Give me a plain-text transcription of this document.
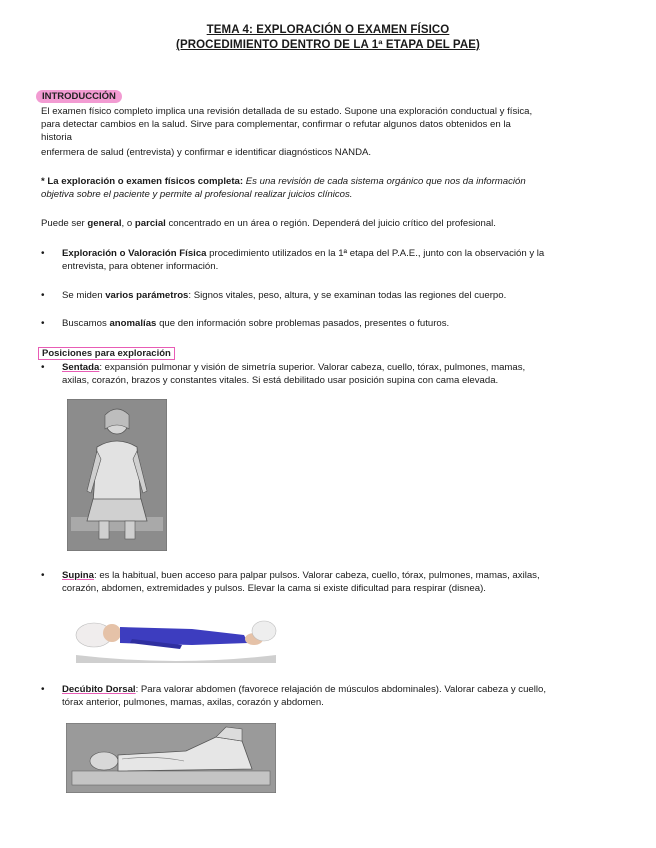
TEMA 4: EXPLORACIÓN O EXAMEN FÍSICO
(PROCEDIMIENTO DENTRO DE LA 1ª ETAPA DEL PAE)
INTRODUCCIÓN
El examen físico completo implica una revisión detallada de su estado. Supone una exploración conductual y física,
para detectar cambios en la salud. Sirve para complementar, confirmar o refutar algunos datos obtenidos en la
historia
enfermera de salud (entrevista) y confirmar e identificar diagnósticos NANDA.
* La exploración o examen físicos completa: Es una revisión de cada sistema orgánico que nos da información
objetiva sobre el paciente y permite al profesional realizar juicios clínicos.
Puede ser general, o parcial concentrado en un área o región. Dependerá del juicio crítico del profesional.
• Exploración o Valoración Física procedimiento utilizados en la 1ª etapa del P.A.E., junto con la observación y la
entrevista, para obtener información.
• Se miden varios parámetros: Signos vitales, peso, altura, y se examinan todas las regiones del cuerpo.
• Buscamos anomalías que den información sobre problemas pasados, presentes o futuros.
Posiciones para exploración
• Sentada: expansión pulmonar y visión de simetría superior. Valorar cabeza, cuello, tórax, pulmones, mamas,
axilas, corazón, brazos y constantes vitales. Si está debilitado usar posición supina con cama elevada.
• Supina: es la habitual, buen acceso para palpar pulsos. Valorar cabeza, cuello, tórax, pulmones, mamas, axilas,
corazón, abdomen, extremidades y pulsos. Elevar la cama si existe dificultad para respirar (disnea).
• Decúbito Dorsal: Para valorar abdomen (favorece relajación de músculos abdominales). Valorar cabeza y cuello,
tórax anterior, pulmones, mamas, axilas, corazón y abdomen.
